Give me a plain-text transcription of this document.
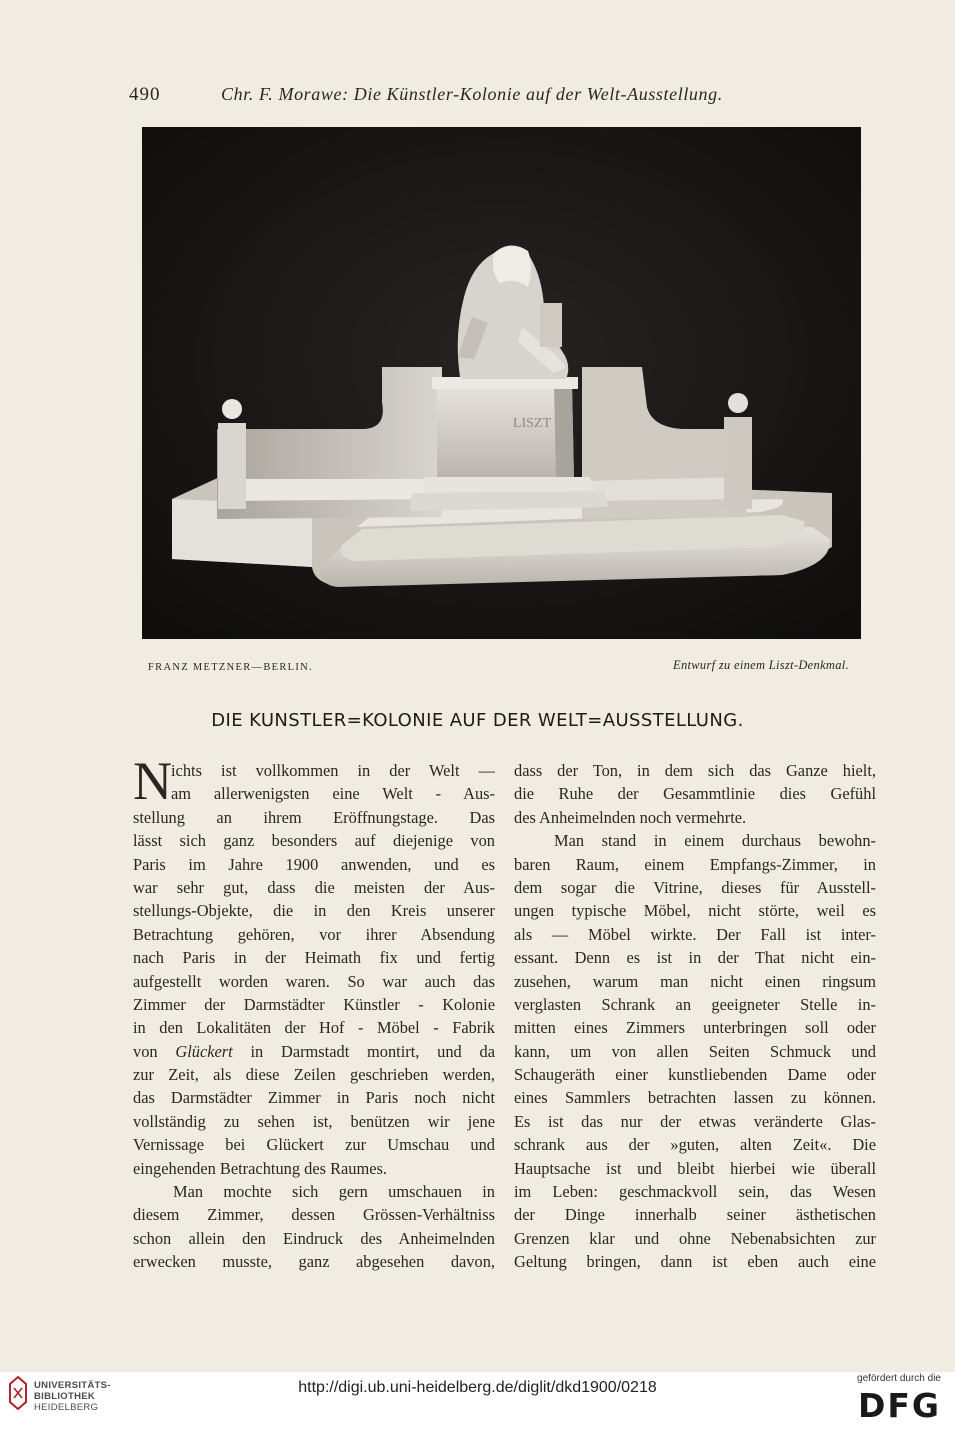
490	Chr. F. Morawe: Die Künstler-Kolonie auf der Welt-Ausstellung.
LISZT
FRANZ METZNER—BERLIN.	Entwurf zu einem Liszt-Denkmal.
DIE KUNSTLER=KOLONIE AUF DER WELT=AUSSTELLUNG.
N ichts ist vollkommen in der Welt —
am allerwenigsten eine Welt - Aus-
stellung an ihrem Eröffnungstage. Das
lässt sich ganz besonders auf diejenige von
Paris im Jahre 1900 anwenden, und es
war sehr gut, dass die meisten der Aus-
stellungs-Objekte, die in den Kreis unserer
Betrachtung gehören, vor ihrer Absendung
nach Paris in der Heimath fix und fertig
aufgestellt worden waren. So war auch das
Zimmer der Darmstädter Künstler - Kolonie
in den Lokalitäten der Hof - Möbel - Fabrik
von Glückert in Darmstadt montirt, und da
zur Zeit, als diese Zeilen geschrieben werden,
das Darmstädter Zimmer in Paris noch nicht
vollständig zu sehen ist, benützen wir jene
Vernissage bei Glückert zur Umschau und
eingehenden Betrachtung des Raumes.
Man mochte sich gern umschauen in
diesem Zimmer, dessen Grössen-Verhältniss
schon allein den Eindruck des Anheimelnden
erwecken musste, ganz abgesehen davon,
dass der Ton, in dem sich das Ganze hielt,
die Ruhe der Gesammtlinie dies Gefühl
des Anheimelnden noch vermehrte.
Man stand in einem durchaus bewohn-
baren Raum, einem Empfangs-Zimmer, in
dem sogar die Vitrine, dieses für Ausstell-
ungen typische Möbel, nicht störte, weil es
als — Möbel wirkte. Der Fall ist inter-
essant. Denn es ist in der That nicht ein-
zusehen, warum man nicht einen ringsum
verglasten Schrank an geeigneter Stelle in-
mitten eines Zimmers unterbringen soll oder
kann, um von allen Seiten Schmuck und
Schaugeräth einer kunstliebenden Dame oder
eines Sammlers betrachten lassen zu können.
Es ist das nur der etwas veränderte Glas-
schrank aus der »guten, alten Zeit«. Die
Hauptsache ist und bleibt hierbei wie überall
im Leben: geschmackvoll sein, das Wesen
der Dinge innerhalb seiner ästhetischen
Grenzen klar und ohne Nebenabsichten zur
Geltung bringen, dann ist eben auch eine
UNIVERSITÄTS-
BIBLIOTHEK
HEIDELBERG
http://digi.ub.uni-heidelberg.de/diglit/dkd1900/0218
gefördert durch die
DFG
